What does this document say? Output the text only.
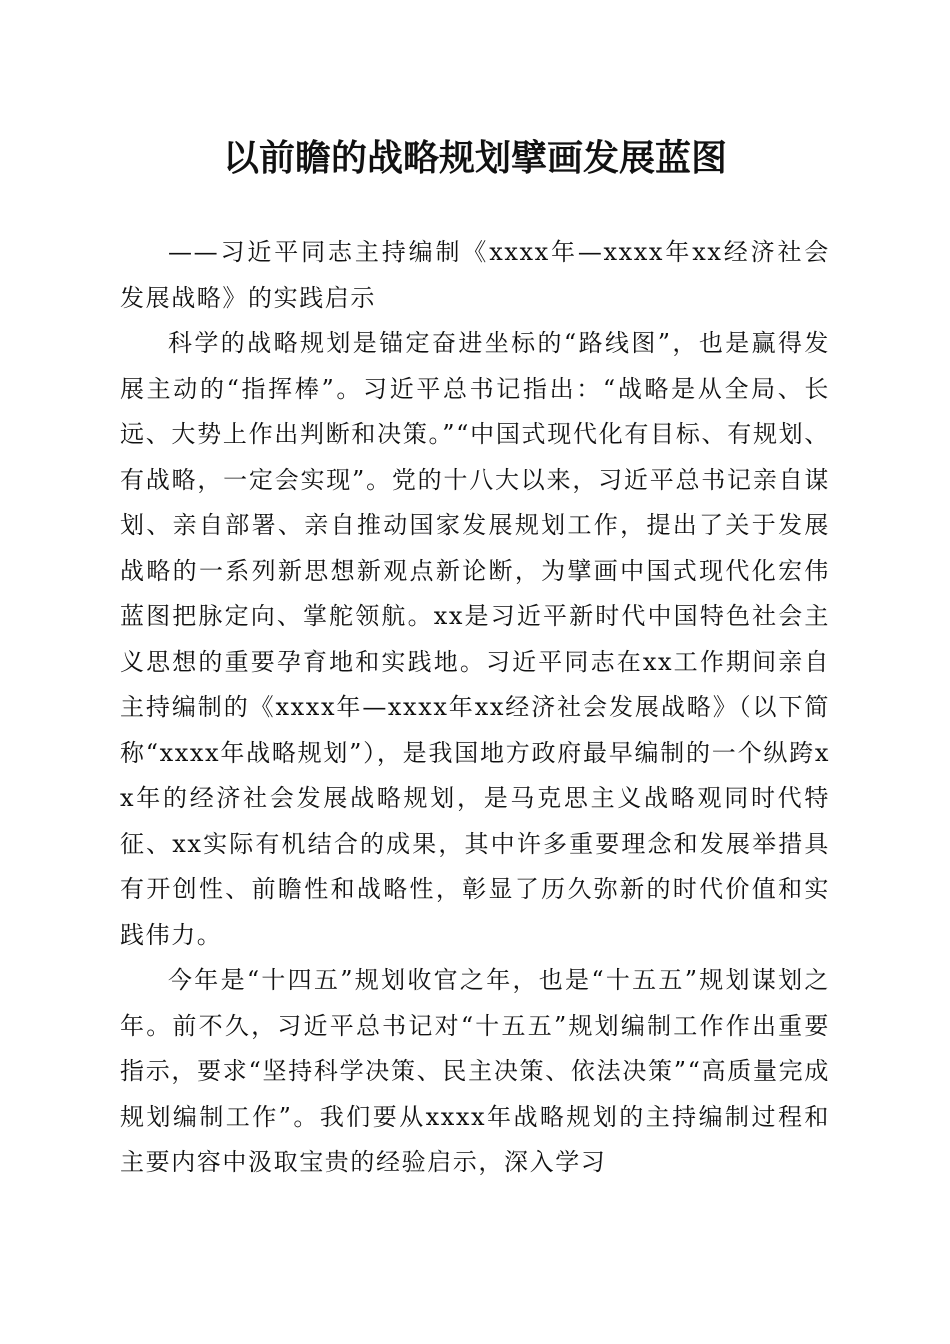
以前瞻的战略规划擘画发展蓝图

——习近平同志主持编制《xxxx年—xxxx年xx经济社会发展战略》的实践启示

科学的战略规划是锚定奋进坐标的“路线图”，也是赢得发展主动的“指挥棒”。习近平总书记指出：“战略是从全局、长远、大势上作出判断和决策。”“中国式现代化有目标、有规划、有战略，一定会实现”。党的十八大以来，习近平总书记亲自谋划、亲自部署、亲自推动国家发展规划工作，提出了关于发展战略的一系列新思想新观点新论断，为擘画中国式现代化宏伟蓝图把脉定向、掌舵领航。xx是习近平新时代中国特色社会主义思想的重要孕育地和实践地。习近平同志在xx工作期间亲自主持编制的《xxxx年—xxxx年xx经济社会发展战略》（以下简称“xxxx年战略规划”），是我国地方政府最早编制的一个纵跨xx年的经济社会发展战略规划，是马克思主义战略观同时代特征、xx实际有机结合的成果，其中许多重要理念和发展举措具有开创性、前瞻性和战略性，彰显了历久弥新的时代价值和实践伟力。

今年是“十四五”规划收官之年，也是“十五五”规划谋划之年。前不久，习近平总书记对“十五五”规划编制工作作出重要指示，要求“坚持科学决策、民主决策、依法决策”“高质量完成规划编制工作”。我们要从xxxx年战略规划的主持编制过程和主要内容中汲取宝贵的经验启示，深入学习
